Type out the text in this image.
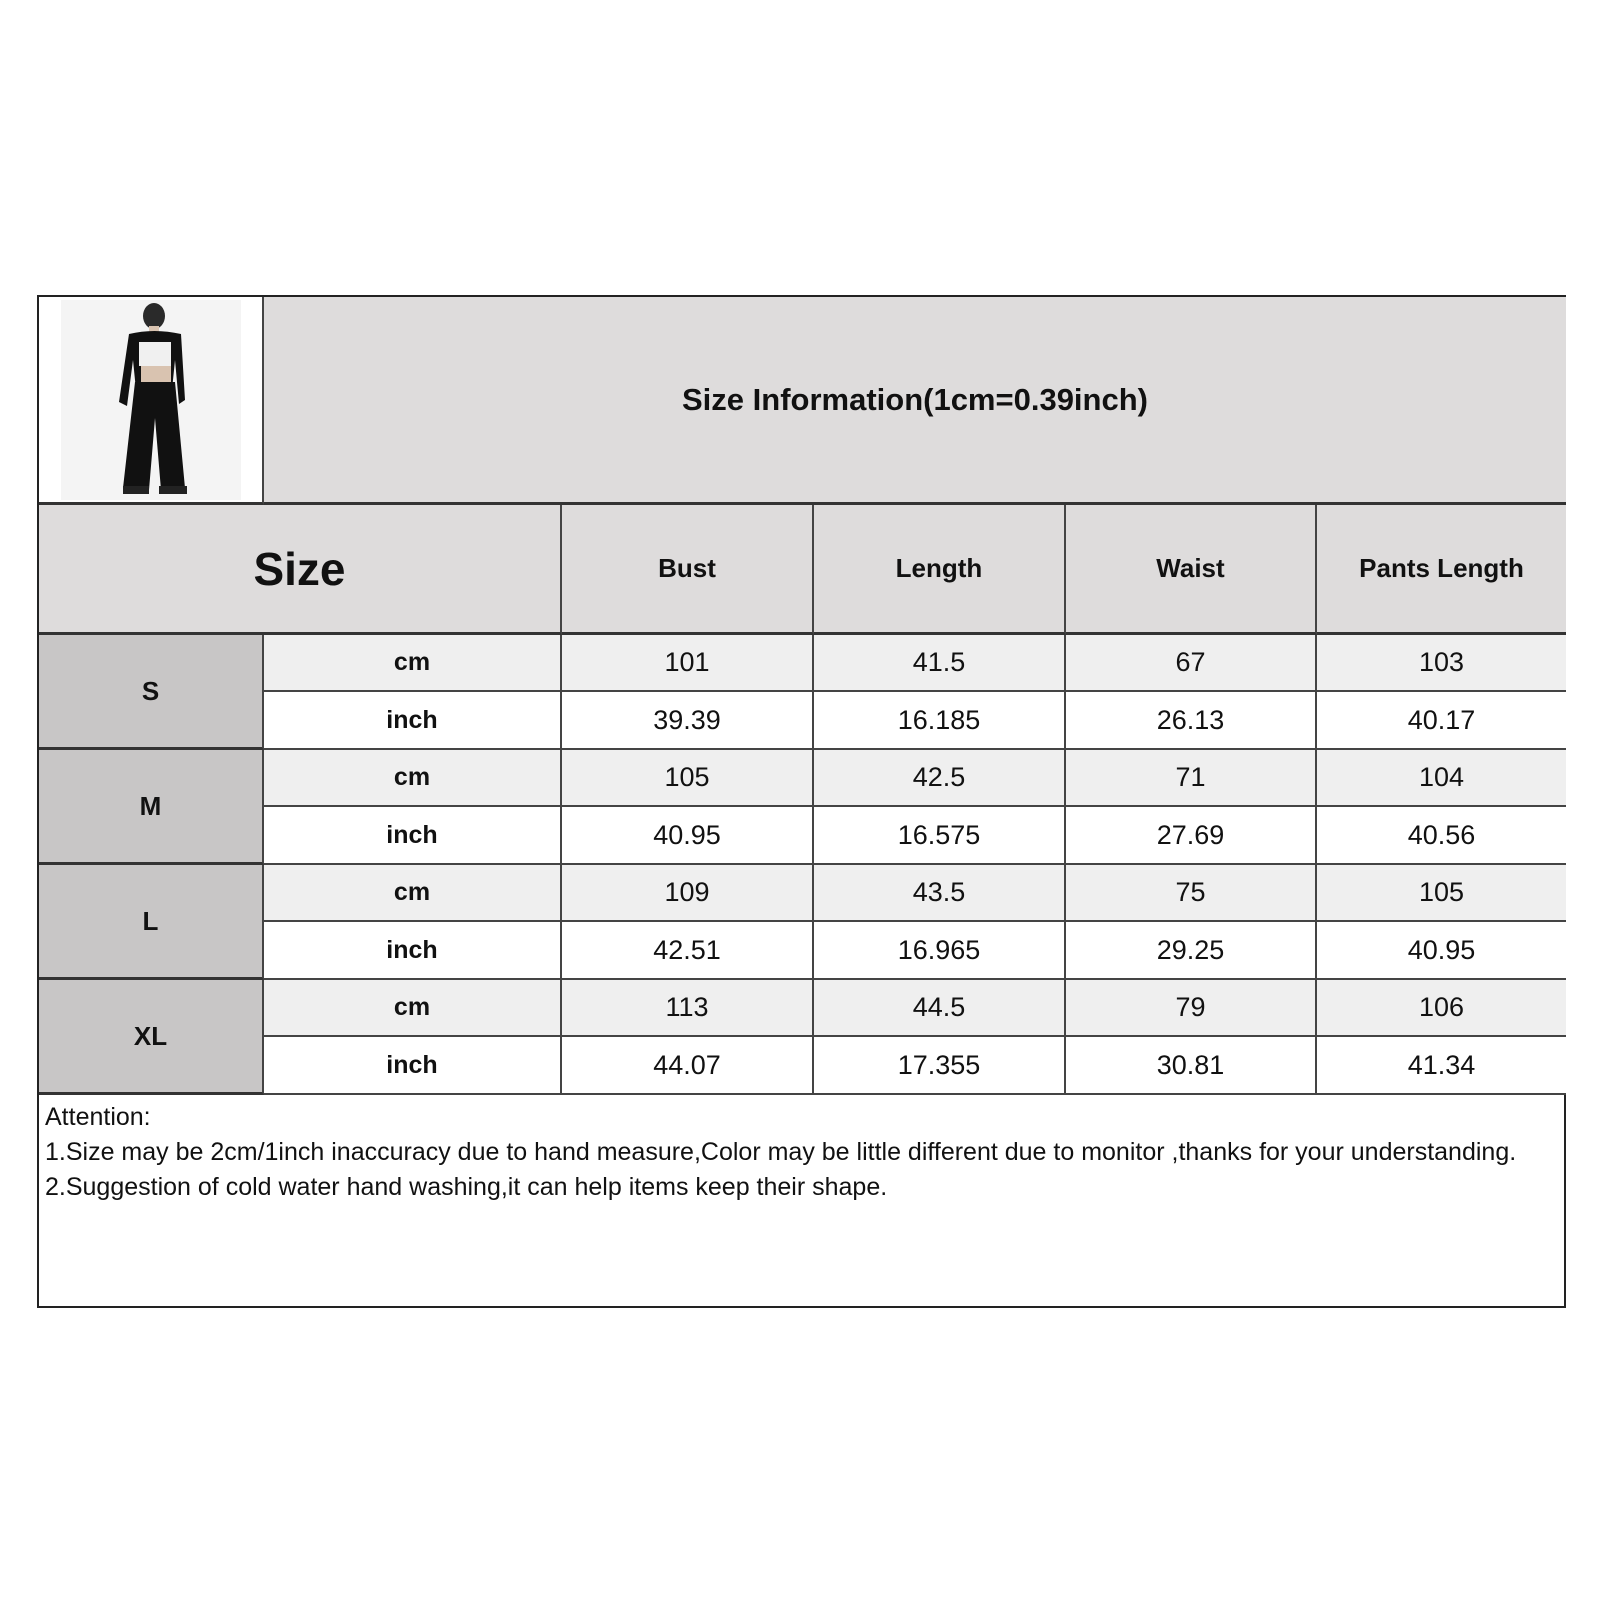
Size Information(1cm=0.39inch)
Size	Bust	Length	Waist	Pants Length
S
cm	101	41.5	67	103
inch	39.39	16.185	26.13	40.17
M
cm	105	42.5	71	104
inch	40.95	16.575	27.69	40.56
L
cm	109	43.5	75	105
inch	42.51	16.965	29.25	40.95
XL
cm	113	44.5	79	106
inch	44.07	17.355	30.81	41.34
Attention:
1.Size may be 2cm/1inch inaccuracy due to hand measure,Color may be little different due to monitor ,thanks for your understanding.
2.Suggestion of cold water hand washing,it can help items keep their shape.
